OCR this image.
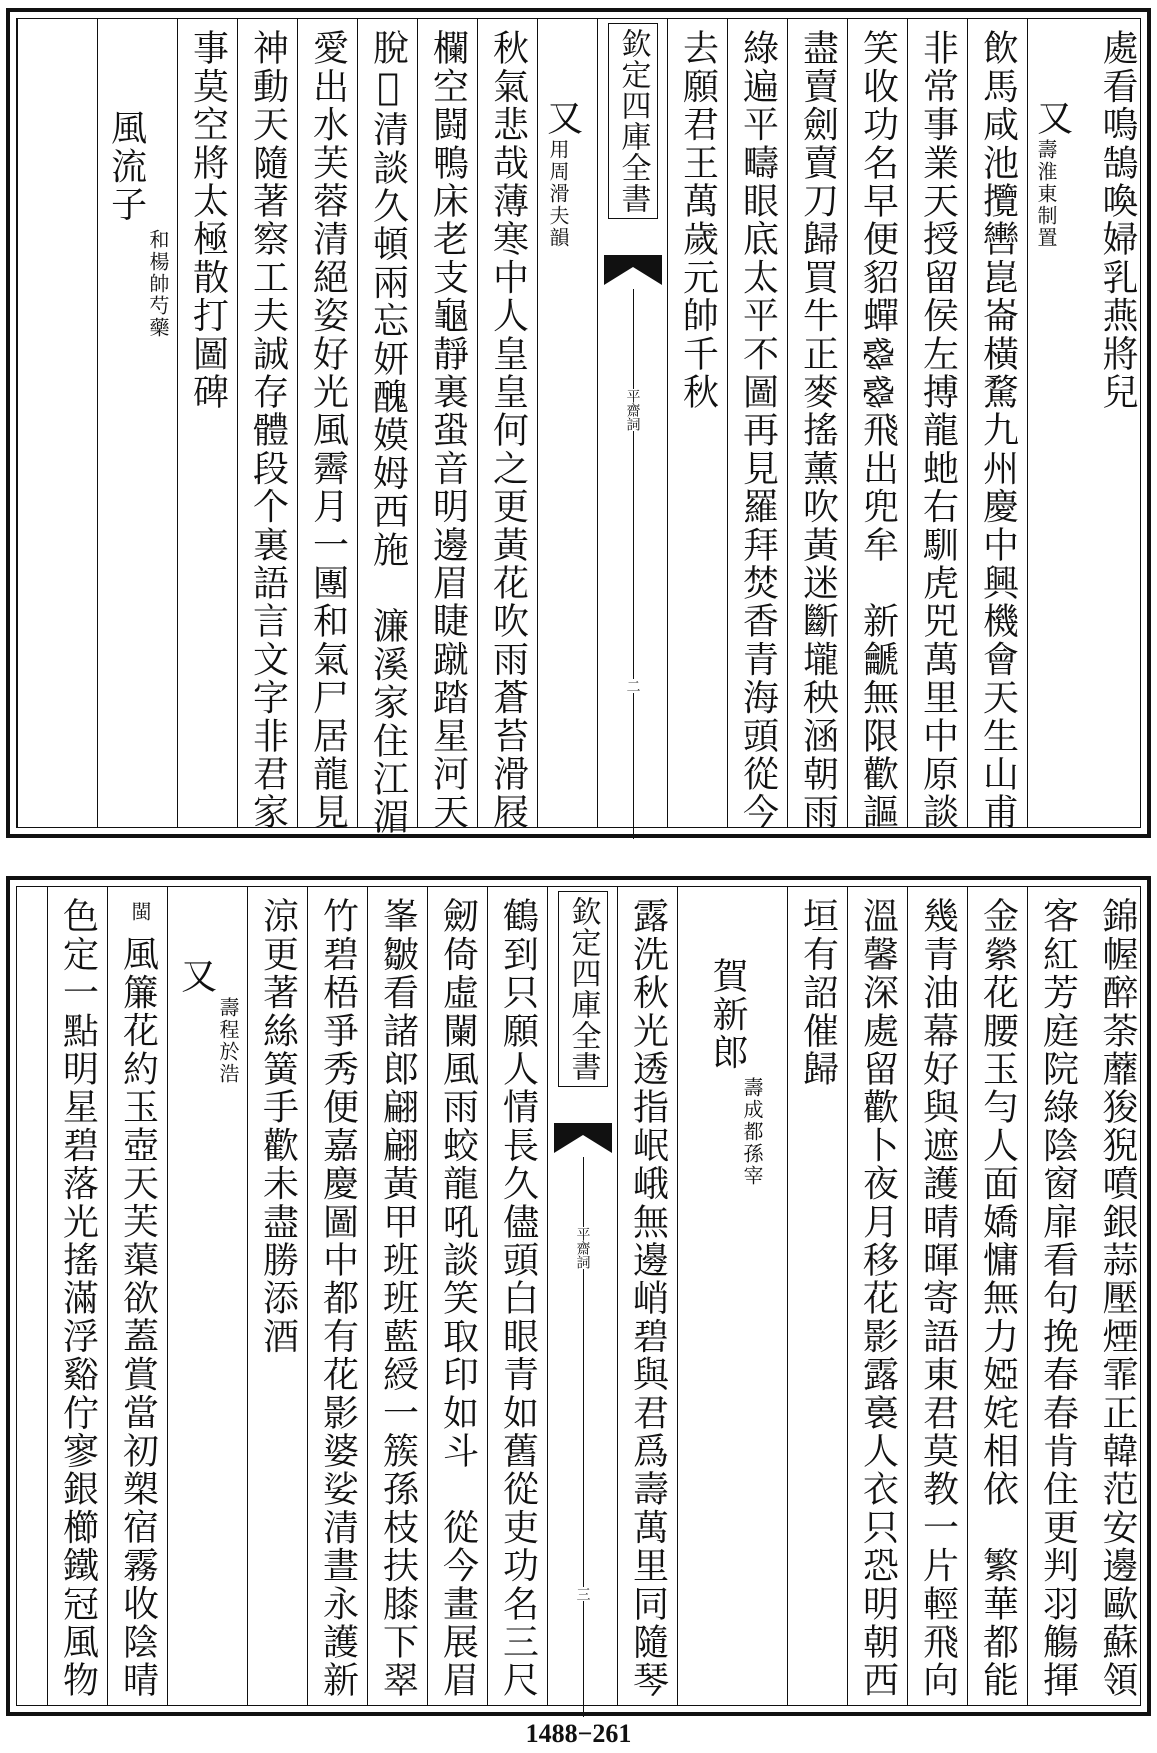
處看鳴鵠喚婦乳燕將兒
又
壽淮東制置
飲馬咸池攬轡崑崙橫騖九州慶中興機會天生山甫
非常事業天授留侯左搏龍虵右馴虎兕萬里中原談
笑收功名早便貂蟬𢨋𢨋飛出兜牟　新䶵無限歡謳
盡賣劍賣刀歸買牛正麥搖薰吹黃迷斷壠秧涵朝雨
綠遍平疇眼底太平不圖再見羅拜焚香青海頭從今
去願君王萬歲元帥千秋
欽定四庫全書
平齋詞
二
又
用周滑夫韻
秋氣悲哉薄寒中人皇皇何之更黃花吹雨蒼苔滑屐
欄空闘鴨床老支龜靜裏蛩音明邊眉睫蹴踏星河天
脫𩮩清談久頓兩忘妍醜嫫姆西施　濂溪家住江湄
愛出水芙蓉清絕姿好光風霽月一團和氣尸居龍見
神動天隨著察工夫誠存體段个裏語言文字非君家
事莫空將太極散打圖碑
風流子
和楊帥芍藥
錦幄醉荼蘼狻猊噴銀蒜壓煙霏正韓范安邊歐蘇領
客紅芳庭院綠陰窗扉看句挽春春肯住更判羽觴揮
金縈花腰玉勻人面嬌慵無力婭姹相依　繁華都能
幾青油幕好與遮護晴暉寄語東君莫教一片輕飛向
溫馨深處留歡卜夜月移花影露裛人衣只恐明朝西
垣有詔催歸
賀新郎
壽成都孫宰
露洗秋光透指岷峨無邊峭碧與君爲壽萬里同隨琴
欽定四庫全書
平齋詞
三
鶴到只願人情長久儘頭白眼青如舊從吏功名三尺
劒倚虛闌風雨蛟龍吼談笑取印如斗　從今畫展眉
峯皺看諸郎翩翩黃甲班班藍綬一簇孫枝扶膝下翠
竹碧梧爭秀便嘉慶圖中都有花影婆娑清晝永護新
涼更著絲簧手歡未盡勝添酒
又
壽程於浩
閩
風簾花約玉壺天芙蕖欲蓋賞當初槊宿霧收陰晴
色定一點明星碧落光搖滿浮谿佇寥銀櫛鐵冠風物
1488−261
